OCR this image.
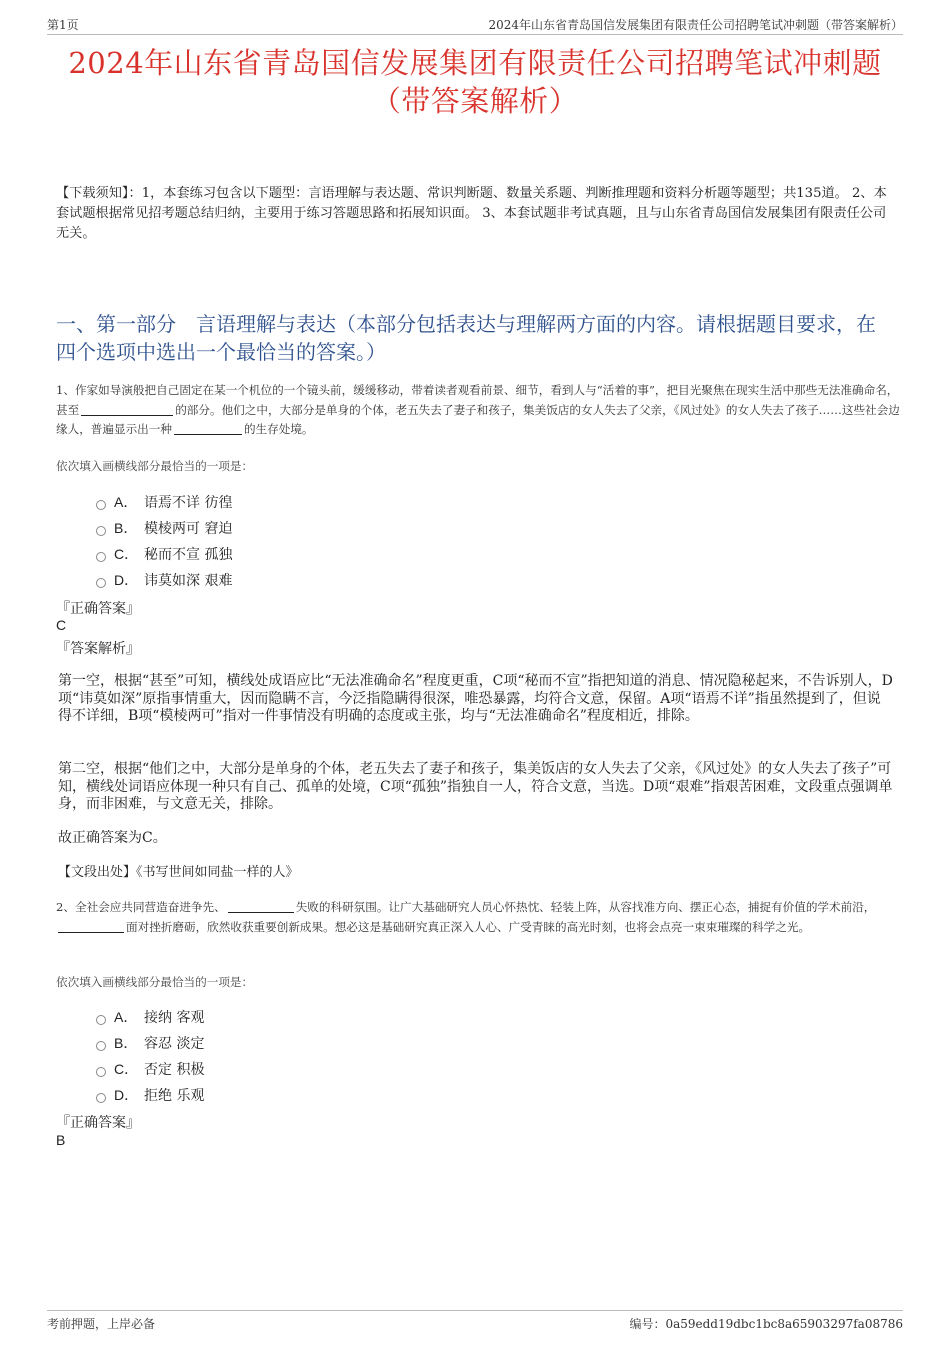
第1页	2024年山东省青岛国信发展集团有限责任公司招聘笔试冲刺题（带答案解析）
2024年山东省青岛国信发展集团有限责任公司招聘笔试冲刺题
（带答案解析）
【下载须知】：1，本套练习包含以下题型：言语理解与表达题、常识判断题、数量关系题、判断推理题和资料分析题等题型；共135道。 2、本套试题根据常见招考题总结归纳，主要用于练习答题思路和拓展知识面。 3、本套试题非考试真题，且与山东省青岛国信发展集团有限责任公司无关。
一、第一部分　言语理解与表达（本部分包括表达与理解两方面的内容。请根据题目要求，在四个选项中选出一个最恰当的答案。）
1、作家如导演般把自己固定在某一个机位的一个镜头前，缓缓移动，带着读者观看前景、细节，看到人与“活着的事”，把目光聚焦在现实生活中那些无法准确命名，甚至	的部分。他们之中，大部分是单身的个体，老五失去了妻子和孩子，集美饭店的女人失去了父亲，《风过处》的女人失去了孩子……这些社会边缘人，普遍显示出一种	的生存处境。
依次填入画横线部分最恰当的一项是：
A． 语焉不详 彷徨
B． 模棱两可 窘迫
C． 秘而不宣 孤独
D． 讳莫如深 艰难
『正确答案』
C
『答案解析』
第一空，根据“甚至”可知，横线处成语应比“无法准确命名”程度更重，C项“秘而不宣”指把知道的消息、情况隐秘起来，不告诉别人，D项“讳莫如深”原指事情重大，因而隐瞒不言，今泛指隐瞒得很深，唯恐暴露，均符合文意，保留。A项“语焉不详”指虽然提到了，但说得不详细，B项“模棱两可”指对一件事情没有明确的态度或主张，均与“无法准确命名”程度相近，排除。
第二空，根据“他们之中，大部分是单身的个体，老五失去了妻子和孩子，集美饭店的女人失去了父亲，《风过处》的女人失去了孩子”可知，横线处词语应体现一种只有自己、孤单的处境，C项“孤独”指独自一人，符合文意，当选。D项“艰难”指艰苦困难，文段重点强调单身，而非困难，与文意无关，排除。
故正确答案为C。
【文段出处】《书写世间如同盐一样的人》
2、全社会应共同营造奋进争先、	失败的科研氛围。让广大基础研究人员心怀热忱、轻装上阵，从容找准方向、摆正心态，捕捉有价值的学术前沿，面对挫折磨砺，欣然收获重要创新成果。想必这是基础研究真正深入人心、广受青睐的高光时刻，也将会点亮一束束璀璨的科学之光。
依次填入画横线部分最恰当的一项是：
A． 接纳 客观
B． 容忍 淡定
C． 否定 积极
D． 拒绝 乐观
『正确答案』
B
考前押题，上岸必备	编号：0a59edd19dbc1bc8a65903297fa08786
